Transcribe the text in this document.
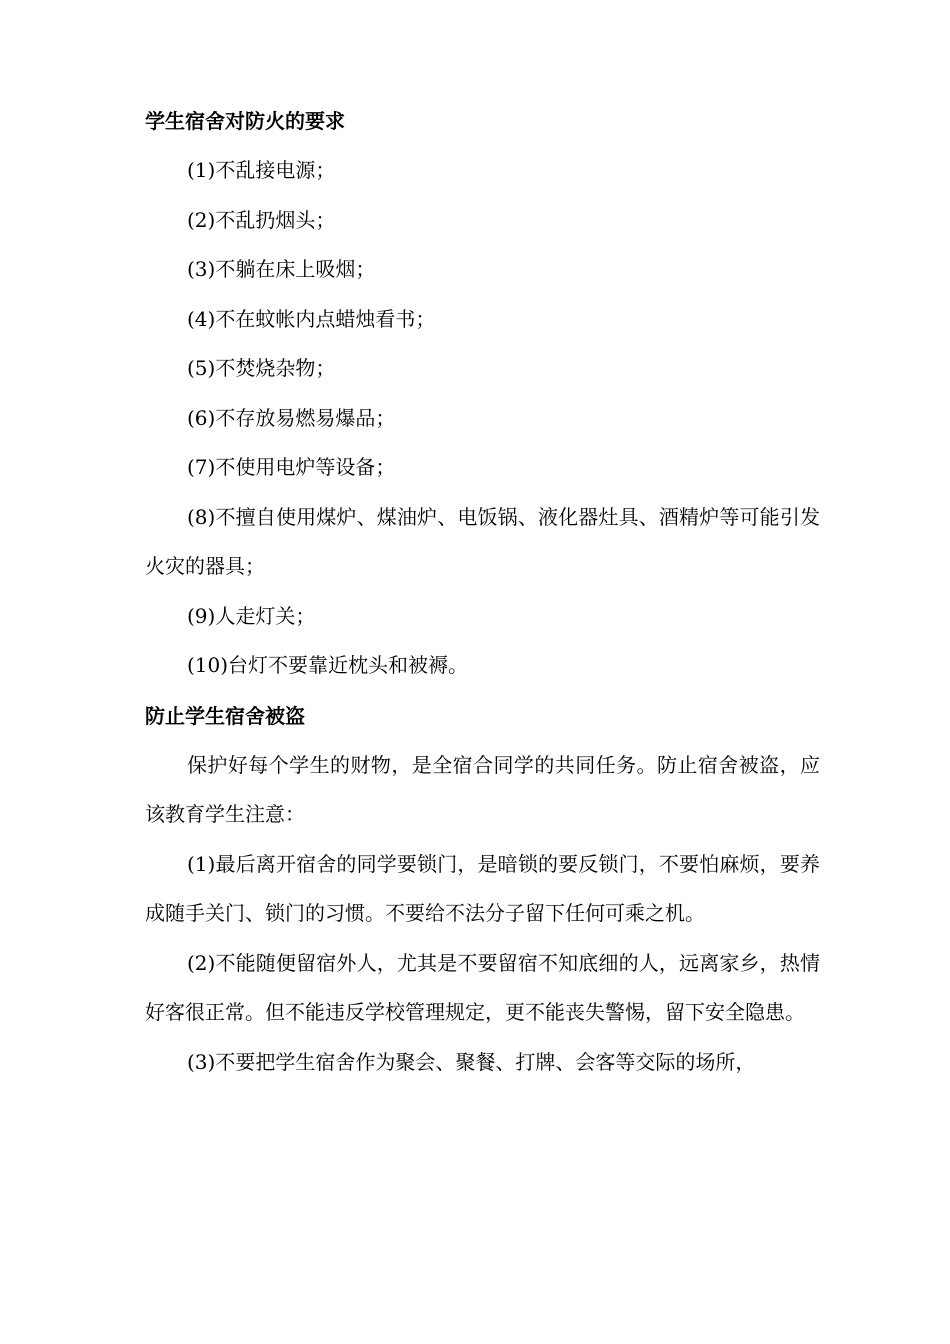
学生宿舍对防火的要求

(1)不乱接电源；

(2)不乱扔烟头；

(3)不躺在床上吸烟；

(4)不在蚊帐内点蜡烛看书；

(5)不焚烧杂物；

(6)不存放易燃易爆品；

(7)不使用电炉等设备；

(8)不擅自使用煤炉、煤油炉、电饭锅、液化器灶具、酒精炉等可能引发火灾的器具；

(9)人走灯关；

(10)台灯不要靠近枕头和被褥。

防止学生宿舍被盗

保护好每个学生的财物，是全宿合同学的共同任务。防止宿舍被盗，应该教育学生注意：

(1)最后离开宿舍的同学要锁门，是暗锁的要反锁门，不要怕麻烦，要养成随手关门、锁门的习惯。不要给不法分子留下任何可乘之机。

(2)不能随便留宿外人，尤其是不要留宿不知底细的人，远离家乡，热情好客很正常。但不能违反学校管理规定，更不能丧失警惕，留下安全隐患。

(3)不要把学生宿舍作为聚会、聚餐、打牌、会客等交际的场所，
